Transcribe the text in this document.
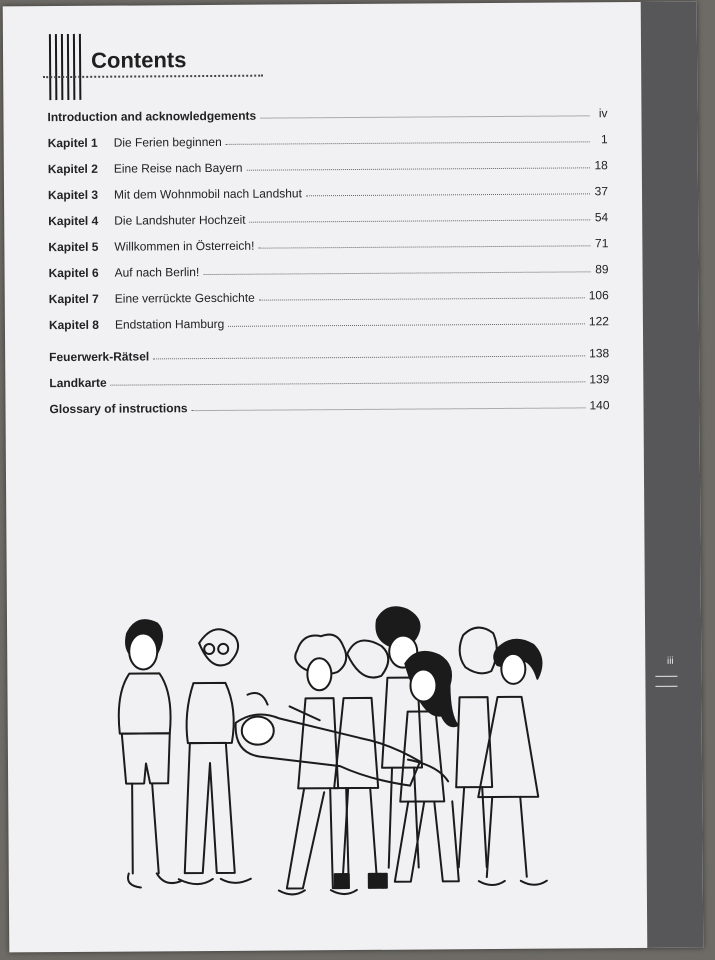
iii
Contents
Introduction and acknowledgements	iv
Kapitel 1	Die Ferien beginnen	1
Kapitel 2	Eine Reise nach Bayern	18
Kapitel 3	Mit dem Wohnmobil nach Landshut	37
Kapitel 4	Die Landshuter Hochzeit	54
Kapitel 5	Willkommen in Österreich!	71
Kapitel 6	Auf nach Berlin!	89
Kapitel 7	Eine verrückte Geschichte	106
Kapitel 8	Endstation Hamburg	122
Feuerwerk-Rätsel	138
Landkarte	139
Glossary of instructions	140
